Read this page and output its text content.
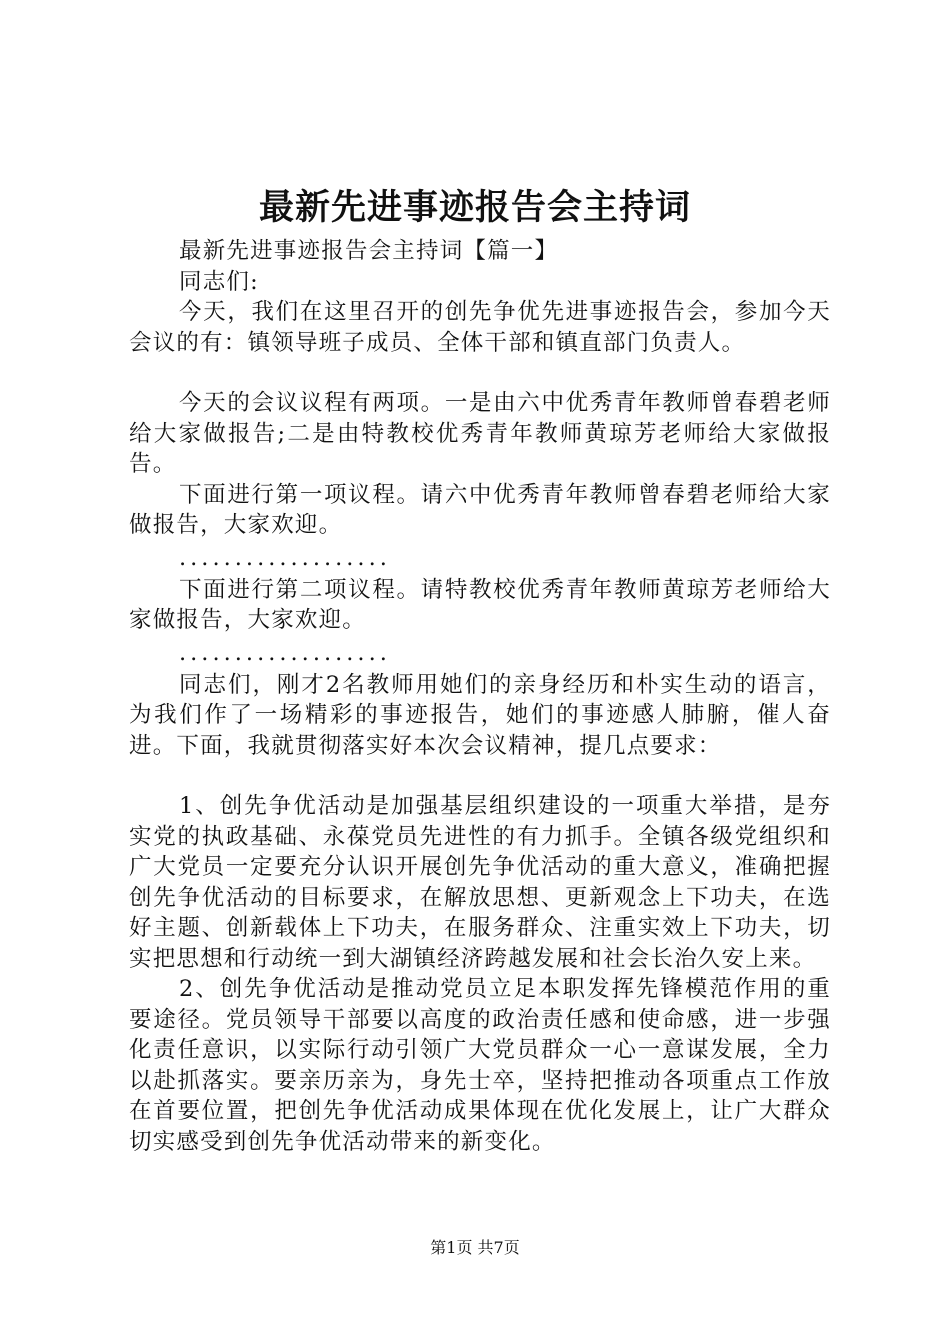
最新先进事迹报告会主持词

最新先进事迹报告会主持词【篇一】

同志们:

今天，我们在这里召开的创先争优先进事迹报告会，参加今天会议的有：镇领导班子成员、全体干部和镇直部门负责人。

今天的会议议程有两项。一是由六中优秀青年教师曾春碧老师给大家做报告;二是由特教校优秀青年教师黄琼芳老师给大家做报告。

下面进行第一项议程。请六中优秀青年教师曾春碧老师给大家做报告，大家欢迎。

...................

下面进行第二项议程。请特教校优秀青年教师黄琼芳老师给大家做报告，大家欢迎。

...................

同志们，刚才2名教师用她们的亲身经历和朴实生动的语言，为我们作了一场精彩的事迹报告，她们的事迹感人肺腑，催人奋进。下面，我就贯彻落实好本次会议精神，提几点要求：

1、创先争优活动是加强基层组织建设的一项重大举措，是夯实党的执政基础、永葆党员先进性的有力抓手。全镇各级党组织和广大党员一定要充分认识开展创先争优活动的重大意义，准确把握创先争优活动的目标要求，在解放思想、更新观念上下功夫，在选好主题、创新载体上下功夫，在服务群众、注重实效上下功夫，切实把思想和行动统一到大湖镇经济跨越发展和社会长治久安上来。

2、创先争优活动是推动党员立足本职发挥先锋模范作用的重要途径。党员领导干部要以高度的政治责任感和使命感，进一步强化责任意识，以实际行动引领广大党员群众一心一意谋发展，全力以赴抓落实。要亲历亲为，身先士卒，坚持把推动各项重点工作放在首要位置，把创先争优活动成果体现在优化发展上，让广大群众切实感受到创先争优活动带来的新变化。

第1页 共7页
